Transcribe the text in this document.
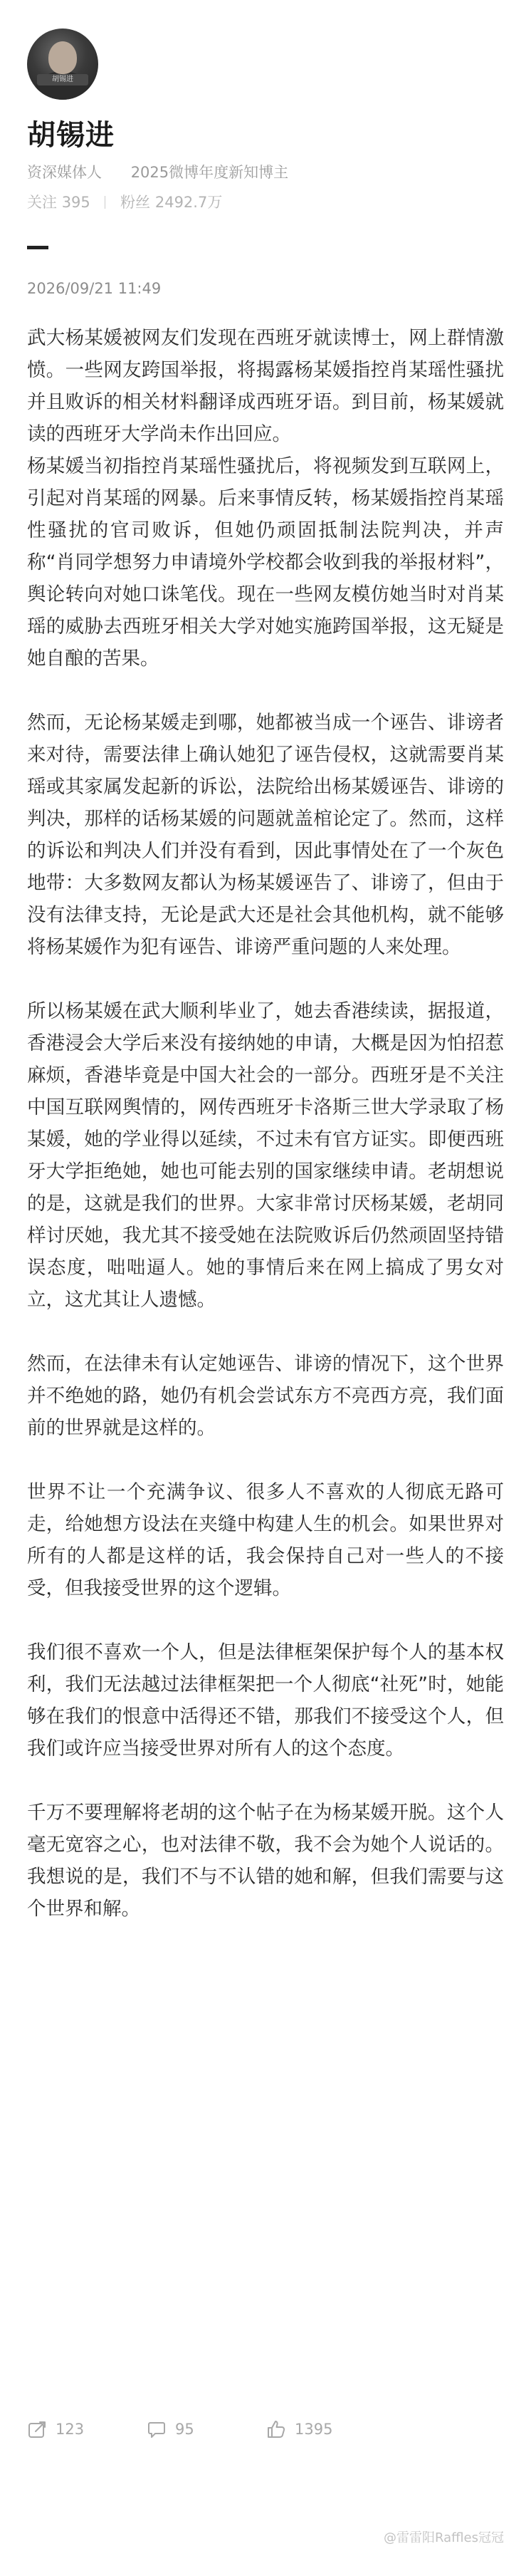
胡锡进
胡锡进
资深媒体人 2025微博年度新知博主
关注 395 粉丝 2492.7万
2026/09/21 11:49

武大杨某媛被网友们发现在西班牙就读博士，网上群情激愤。一些网友跨国举报，将揭露杨某媛指控肖某瑶性骚扰并且败诉的相关材料翻译成西班牙语。到目前，杨某媛就读的西班牙大学尚未作出回应。

杨某媛当初指控肖某瑶性骚扰后，将视频发到互联网上，引起对肖某瑶的网暴。后来事情反转，杨某媛指控肖某瑶性骚扰的官司败诉，但她仍顽固抵制法院判决，并声称“肖同学想努力申请境外学校都会收到我的举报材料”，舆论转向对她口诛笔伐。现在一些网友模仿她当时对肖某瑶的威胁去西班牙相关大学对她实施跨国举报，这无疑是她自酿的苦果。

然而，无论杨某媛走到哪，她都被当成一个诬告、诽谤者来对待，需要法律上确认她犯了诬告侵权，这就需要肖某瑶或其家属发起新的诉讼，法院给出杨某媛诬告、诽谤的判决，那样的话杨某媛的问题就盖棺论定了。然而，这样的诉讼和判决人们并没有看到，因此事情处在了一个灰色地带：大多数网友都认为杨某媛诬告了、诽谤了，但由于没有法律支持，无论是武大还是社会其他机构，就不能够将杨某媛作为犯有诬告、诽谤严重问题的人来处理。

所以杨某媛在武大顺利毕业了，她去香港续读，据报道，香港浸会大学后来没有接纳她的申请，大概是因为怕招惹麻烦，香港毕竟是中国大社会的一部分。西班牙是不关注中国互联网舆情的，网传西班牙卡洛斯三世大学录取了杨某媛，她的学业得以延续，不过未有官方证实。即便西班牙大学拒绝她，她也可能去别的国家继续申请。老胡想说的是，这就是我们的世界。大家非常讨厌杨某媛，老胡同样讨厌她，我尤其不接受她在法院败诉后仍然顽固坚持错误态度，咄咄逼人。她的事情后来在网上搞成了男女对立，这尤其让人遗憾。

然而，在法律未有认定她诬告、诽谤的情况下，这个世界并不绝她的路，她仍有机会尝试东方不亮西方亮，我们面前的世界就是这样的。

世界不让一个充满争议、很多人不喜欢的人彻底无路可走，给她想方设法在夹缝中构建人生的机会。如果世界对所有的人都是这样的话，我会保持自己对一些人的不接受，但我接受世界的这个逻辑。

我们很不喜欢一个人，但是法律框架保护每个人的基本权利，我们无法越过法律框架把一个人彻底“社死”时，她能够在我们的恨意中活得还不错，那我们不接受这个人，但我们或许应当接受世界对所有人的这个态度。

千万不要理解将老胡的这个帖子在为杨某媛开脱。这个人毫无宽容之心，也对法律不敬，我不会为她个人说话的。我想说的是，我们不与不认错的她和解，但我们需要与这个世界和解。

123	95	1395
@雷雷阳Raffles冠冠
